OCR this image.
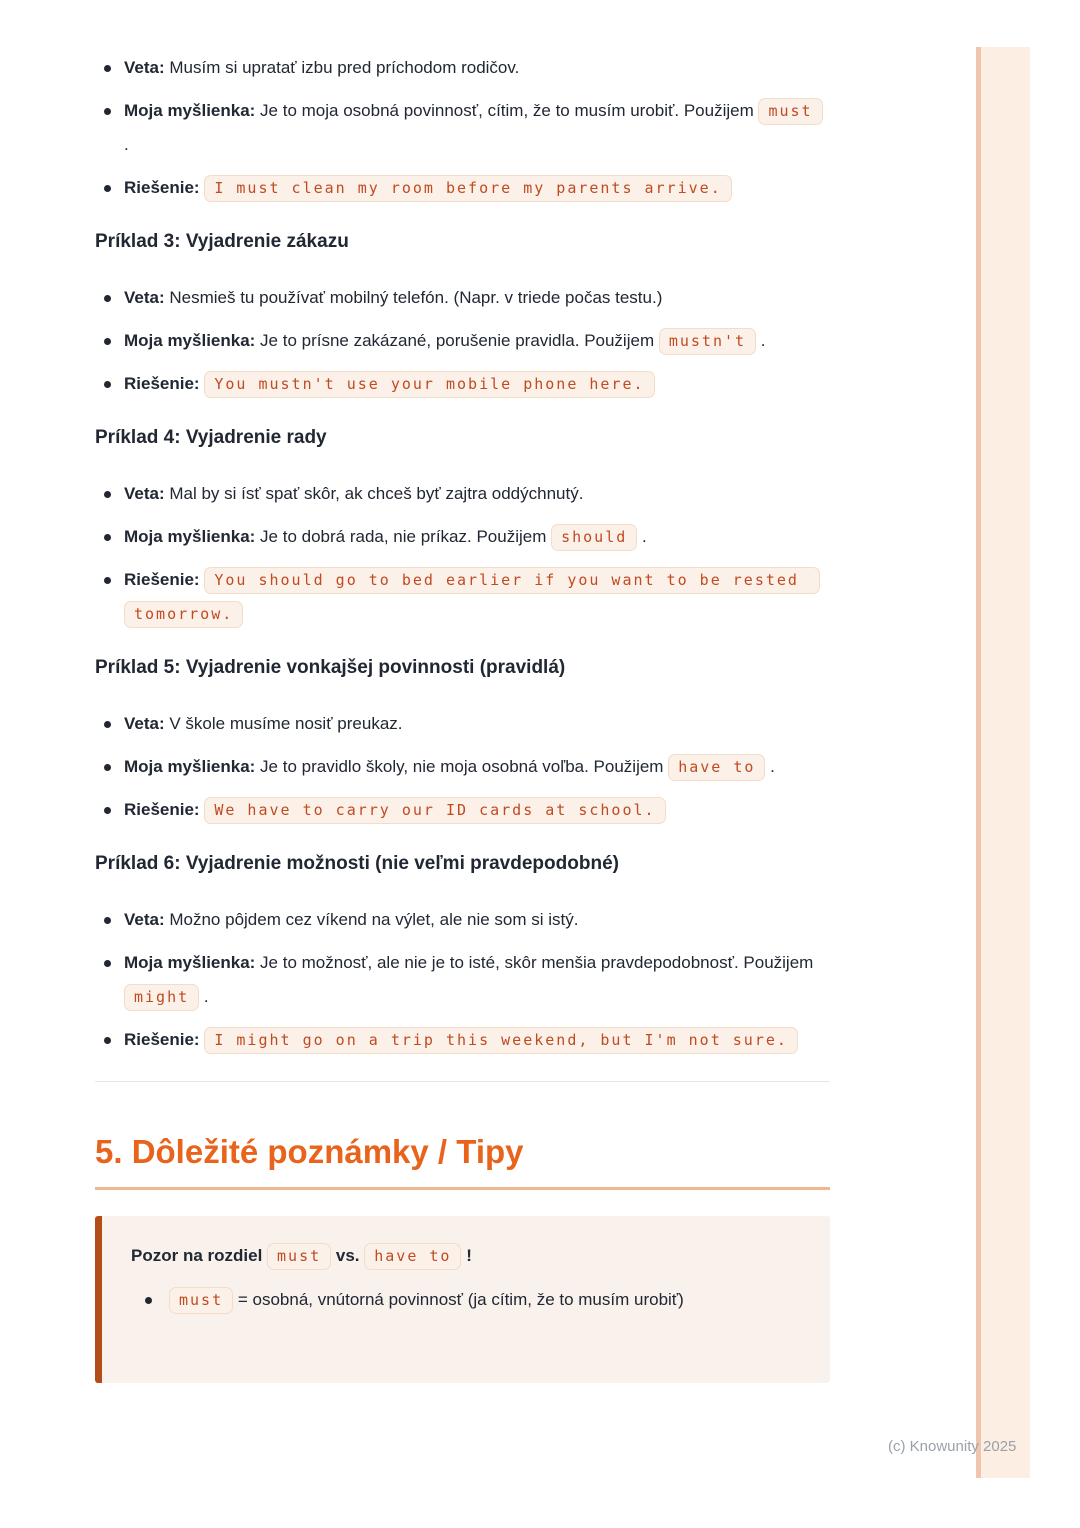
Veta: Musím si upratať izbu pred príchodom rodičov.
Moja myšlienka: Je to moja osobná povinnosť, cítim, že to musím urobiť. Použijem must .
Riešenie: I must clean my room before my parents arrive.
Príklad 3: Vyjadrenie zákazu
Veta: Nesmieš tu používať mobilný telefón. (Napr. v triede počas testu.)
Moja myšlienka: Je to prísne zakázané, porušenie pravidla. Použijem mustn't .
Riešenie: You mustn't use your mobile phone here.
Príklad 4: Vyjadrenie rady
Veta: Mal by si ísť spať skôr, ak chceš byť zajtra oddýchnutý.
Moja myšlienka: Je to dobrá rada, nie príkaz. Použijem should .
Riešenie: You should go to bed earlier if you want to be rested tomorrow.
Príklad 5: Vyjadrenie vonkajšej povinnosti (pravidlá)
Veta: V škole musíme nosiť preukaz.
Moja myšlienka: Je to pravidlo školy, nie moja osobná voľba. Použijem have to .
Riešenie: We have to carry our ID cards at school.
Príklad 6: Vyjadrenie možnosti (nie veľmi pravdepodobné)
Veta: Možno pôjdem cez víkend na výlet, ale nie som si istý.
Moja myšlienka: Je to možnosť, ale nie je to isté, skôr menšia pravdepodobnosť. Použijem might .
Riešenie: I might go on a trip this weekend, but I'm not sure.
5. Dôležité poznámky / Tipy

Pozor na rozdiel must vs. have to !

must = osobná, vnútorná povinnosť (ja cítim, že to musím urobiť)
(c) Knowunity 2025
